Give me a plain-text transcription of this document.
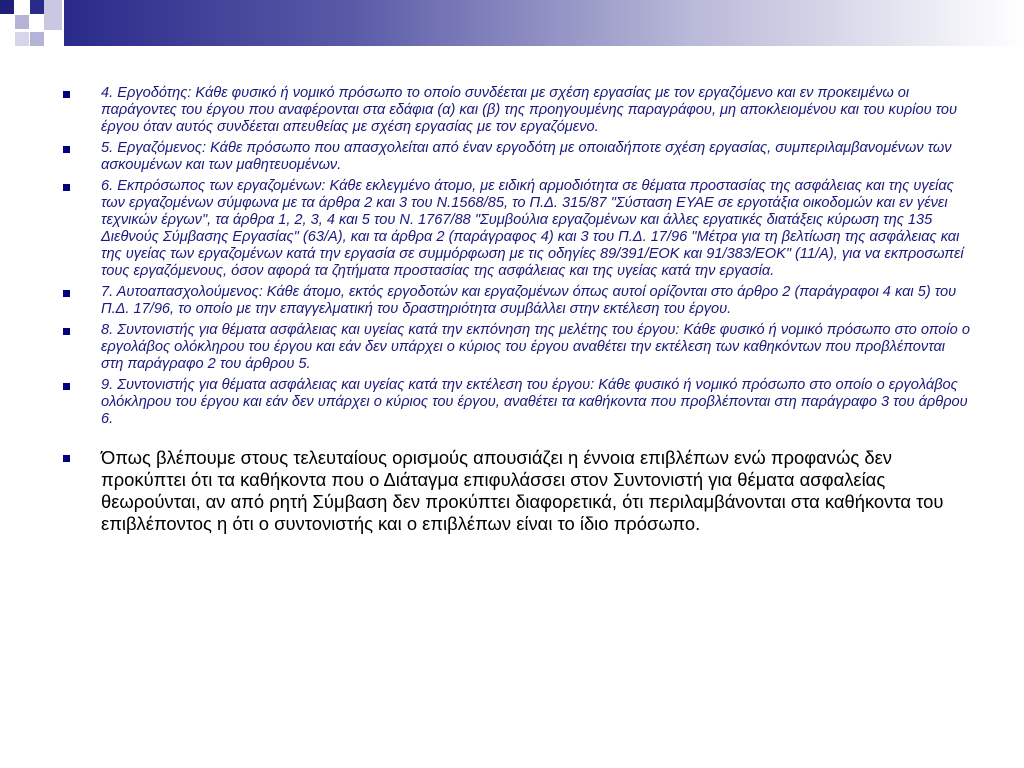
4. Εργοδότης: Κάθε φυσικό ή νομικό πρόσωπο το οποίο συνδέεται με σχέση εργασίας με τον εργαζόμενο και εν προκειμένω οι παράγοντες του έργου που αναφέρονται στα εδάφια (α) και (β) της προηγουμένης παραγράφου, μη αποκλειομένου και του κυρίου του έργου όταν αυτός συνδέεται απευθείας με σχέση εργασίας με τον εργαζόμενο.
5. Εργαζόμενος: Κάθε πρόσωπο που απασχολείται από έναν εργοδότη με οποιαδήποτε σχέση εργασίας, συμπεριλαμβανομένων των ασκουμένων και των μαθητευομένων.
6. Εκπρόσωπος των εργαζομένων: Κάθε εκλεγμένο άτομο, με ειδική αρμοδιότητα σε θέματα προστασίας της ασφάλειας και της υγείας των εργαζομένων σύμφωνα με τα άρθρα 2 και 3 του Ν.1568/85, το Π.Δ. 315/87 "Σύσταση ΕΥΑΕ σε εργοτάξια οικοδομών και εν γένει τεχνικών έργων", τα άρθρα 1, 2, 3, 4 και 5 του Ν. 1767/88 "Συμβούλια εργαζομένων και άλλες εργατικές διατάξεις κύρωση της 135 Διεθνούς Σύμβασης Εργασίας" (63/Α), και τα άρθρα 2 (παράγραφος 4) και 3 του Π.Δ. 17/96 "Μέτρα για τη βελτίωση της ασφάλειας και της υγείας των εργαζομένων κατά την εργασία σε συμμόρφωση με τις οδηγίες 89/391/ΕΟΚ και 91/383/ΕΟΚ" (11/Α), για να εκπροσωπεί τους εργαζόμενους, όσον αφορά τα ζητήματα προστασίας της ασφάλειας και της υγείας κατά την εργασία.
7. Αυτοαπασχολούμενος: Κάθε άτομο, εκτός εργοδοτών και εργαζομένων όπως αυτοί ορίζονται στο άρθρο 2 (παράγραφοι 4 και 5) του Π.Δ. 17/96, το οποίο με την επαγγελματική του δραστηριότητα συμβάλλει στην εκτέλεση του έργου.
8. Συντονιστής για θέματα ασφάλειας και υγείας κατά την εκπόνηση της μελέτης του έργου: Κάθε φυσικό ή νομικό πρόσωπο στο οποίο ο εργολάβος ολόκληρου του έργου και εάν δεν υπάρχει ο κύριος του έργου αναθέτει την εκτέλεση των καθηκόντων που προβλέπονται στη παράγραφο 2 του άρθρου 5.
9. Συντονιστής για θέματα ασφάλειας και υγείας κατά την εκτέλεση του έργου: Κάθε φυσικό ή νομικό πρόσωπο στο οποίο ο εργολάβος ολόκληρου του έργου και εάν δεν υπάρχει ο κύριος του έργου, αναθέτει τα καθήκοντα που προβλέπονται στη παράγραφο 3 του άρθρου 6.
Όπως βλέπουμε στους τελευταίους ορισμούς απουσιάζει η έννοια επιβλέπων ενώ προφανώς δεν προκύπτει ότι τα καθήκοντα που ο Διάταγμα επιφυλάσσει στον Συντονιστή για θέματα ασφαλείας θεωρούνται, αν από ρητή Σύμβαση δεν προκύπτει διαφορετικά, ότι περιλαμβάνονται στα καθήκοντα του επιβλέποντος η ότι ο συντονιστής και ο επιβλέπων είναι το ίδιο πρόσωπο.
